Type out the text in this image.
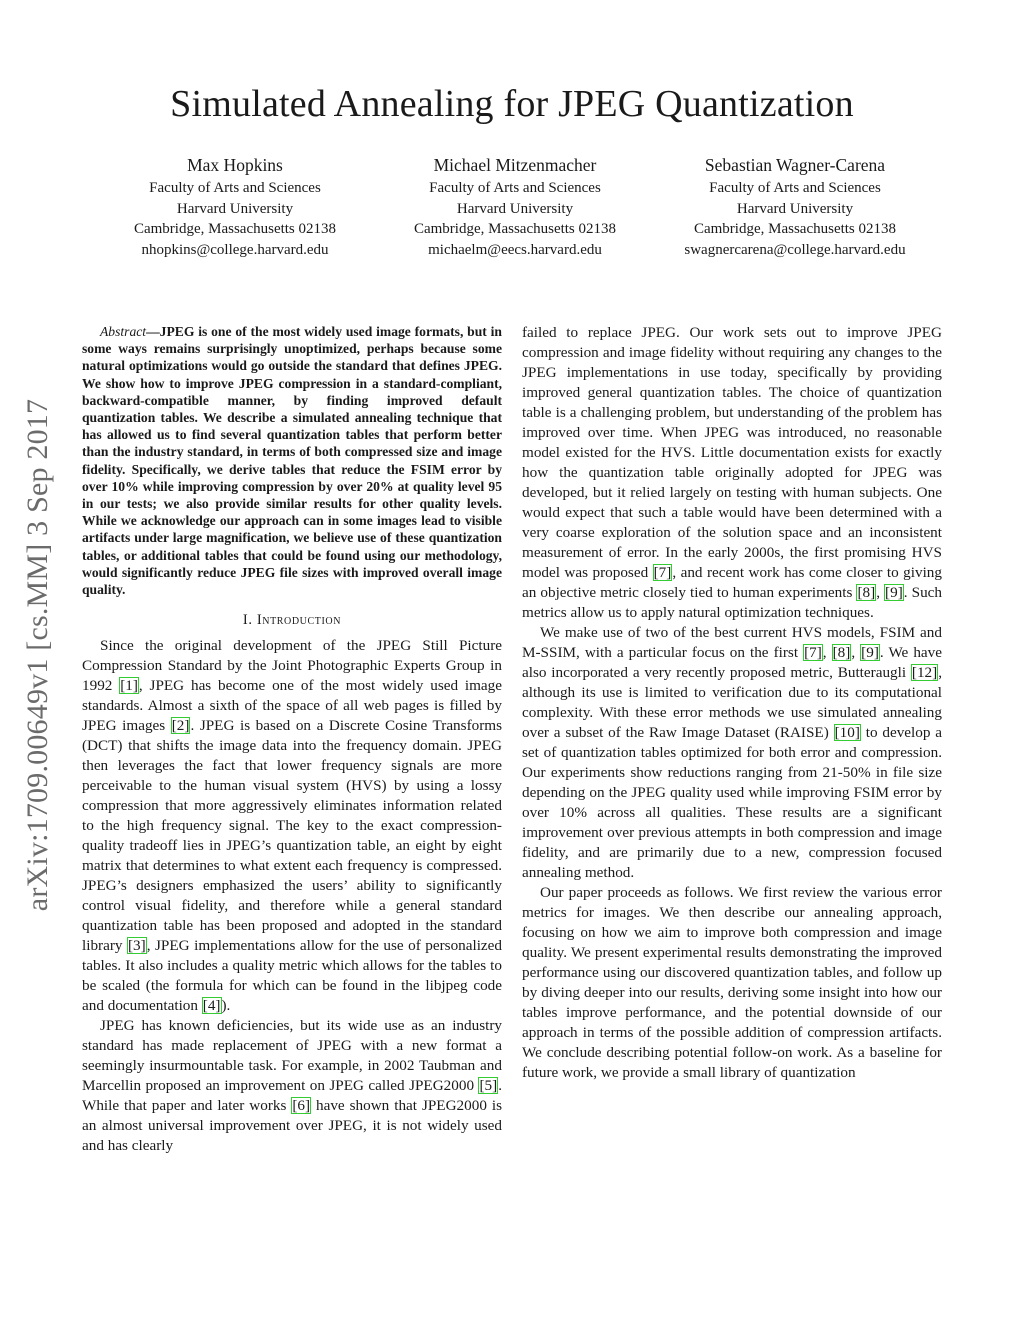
arXiv:1709.00649v1 [cs.MM] 3 Sep 2017
Simulated Annealing for JPEG Quantization
Max Hopkins
Faculty of Arts and Sciences
Harvard University
Cambridge, Massachusetts 02138
nhopkins@college.harvard.edu
Michael Mitzenmacher
Faculty of Arts and Sciences
Harvard University
Cambridge, Massachusetts 02138
michaelm@eecs.harvard.edu
Sebastian Wagner-Carena
Faculty of Arts and Sciences
Harvard University
Cambridge, Massachusetts 02138
swagnercarena@college.harvard.edu

Abstract—JPEG is one of the most widely used image formats, but in some ways remains surprisingly unoptimized, perhaps because some natural optimizations would go outside the standard that defines JPEG. We show how to improve JPEG compression in a standard-compliant, backward-compatible manner, by finding improved default quantization tables. We describe a simulated annealing technique that has allowed us to find several quantization tables that perform better than the industry standard, in terms of both compressed size and image fidelity. Specifically, we derive tables that reduce the FSIM error by over 10% while improving compression by over 20% at quality level 95 in our tests; we also provide similar results for other quality levels. While we acknowledge our approach can in some images lead to visible artifacts under large magnification, we believe use of these quantization tables, or additional tables that could be found using our methodology, would significantly reduce JPEG file sizes with improved overall image quality.

I. Introduction

Since the original development of the JPEG Still Picture Compression Standard by the Joint Photographic Experts Group in 1992 [1], JPEG has become one of the most widely used image standards. Almost a sixth of the space of all web pages is filled by JPEG images [2]. JPEG is based on a Discrete Cosine Transforms (DCT) that shifts the image data into the frequency domain. JPEG then leverages the fact that lower frequency signals are more perceivable to the human visual system (HVS) by using a lossy compression that more aggressively eliminates information related to the high frequency signal. The key to the exact compression-quality tradeoff lies in JPEG’s quantization table, an eight by eight matrix that determines to what extent each frequency is compressed. JPEG’s designers emphasized the users’ ability to significantly control visual fidelity, and therefore while a general standard quantization table has been proposed and adopted in the standard library [3], JPEG implementations allow for the use of personalized tables. It also includes a quality metric which allows for the tables to be scaled (the formula for which can be found in the libjpeg code and documentation [4]).

JPEG has known deficiencies, but its wide use as an industry standard has made replacement of JPEG with a new format a seemingly insurmountable task. For example, in 2002 Taubman and Marcellin proposed an improvement on JPEG called JPEG2000 [5]. While that paper and later works [6] have shown that JPEG2000 is an almost universal improvement over JPEG, it is not widely used and has clearly

failed to replace JPEG. Our work sets out to improve JPEG compression and image fidelity without requiring any changes to the JPEG implementations in use today, specifically by providing improved general quantization tables. The choice of quantization table is a challenging problem, but understanding of the problem has improved over time. When JPEG was introduced, no reasonable model existed for the HVS. Little documentation exists for exactly how the quantization table originally adopted for JPEG was developed, but it relied largely on testing with human subjects. One would expect that such a table would have been determined with a very coarse exploration of the solution space and an inconsistent measurement of error. In the early 2000s, the first promising HVS model was proposed [7], and recent work has come closer to giving an objective metric closely tied to human experiments [8], [9]. Such metrics allow us to apply natural optimization techniques.

We make use of two of the best current HVS models, FSIM and M-SSIM, with a particular focus on the first [7], [8], [9]. We have also incorporated a very recently proposed metric, Butteraugli [12], although its use is limited to verification due to its computational complexity. With these error methods we use simulated annealing over a subset of the Raw Image Dataset (RAISE) [10] to develop a set of quantization tables optimized for both error and compression. Our experiments show reductions ranging from 21-50% in file size depending on the JPEG quality used while improving FSIM error by over 10% across all qualities. These results are a significant improvement over previous attempts in both compression and image fidelity, and are primarily due to a new, compression focused annealing method.

Our paper proceeds as follows. We first review the various error metrics for images. We then describe our annealing approach, focusing on how we aim to improve both compression and image quality. We present experimental results demonstrating the improved performance using our discovered quantization tables, and follow up by diving deeper into our results, deriving some insight into how our tables improve performance, and the potential downside of our approach in terms of the possible addition of compression artifacts. We conclude describing potential follow-on work. As a baseline for future work, we provide a small library of quantization
